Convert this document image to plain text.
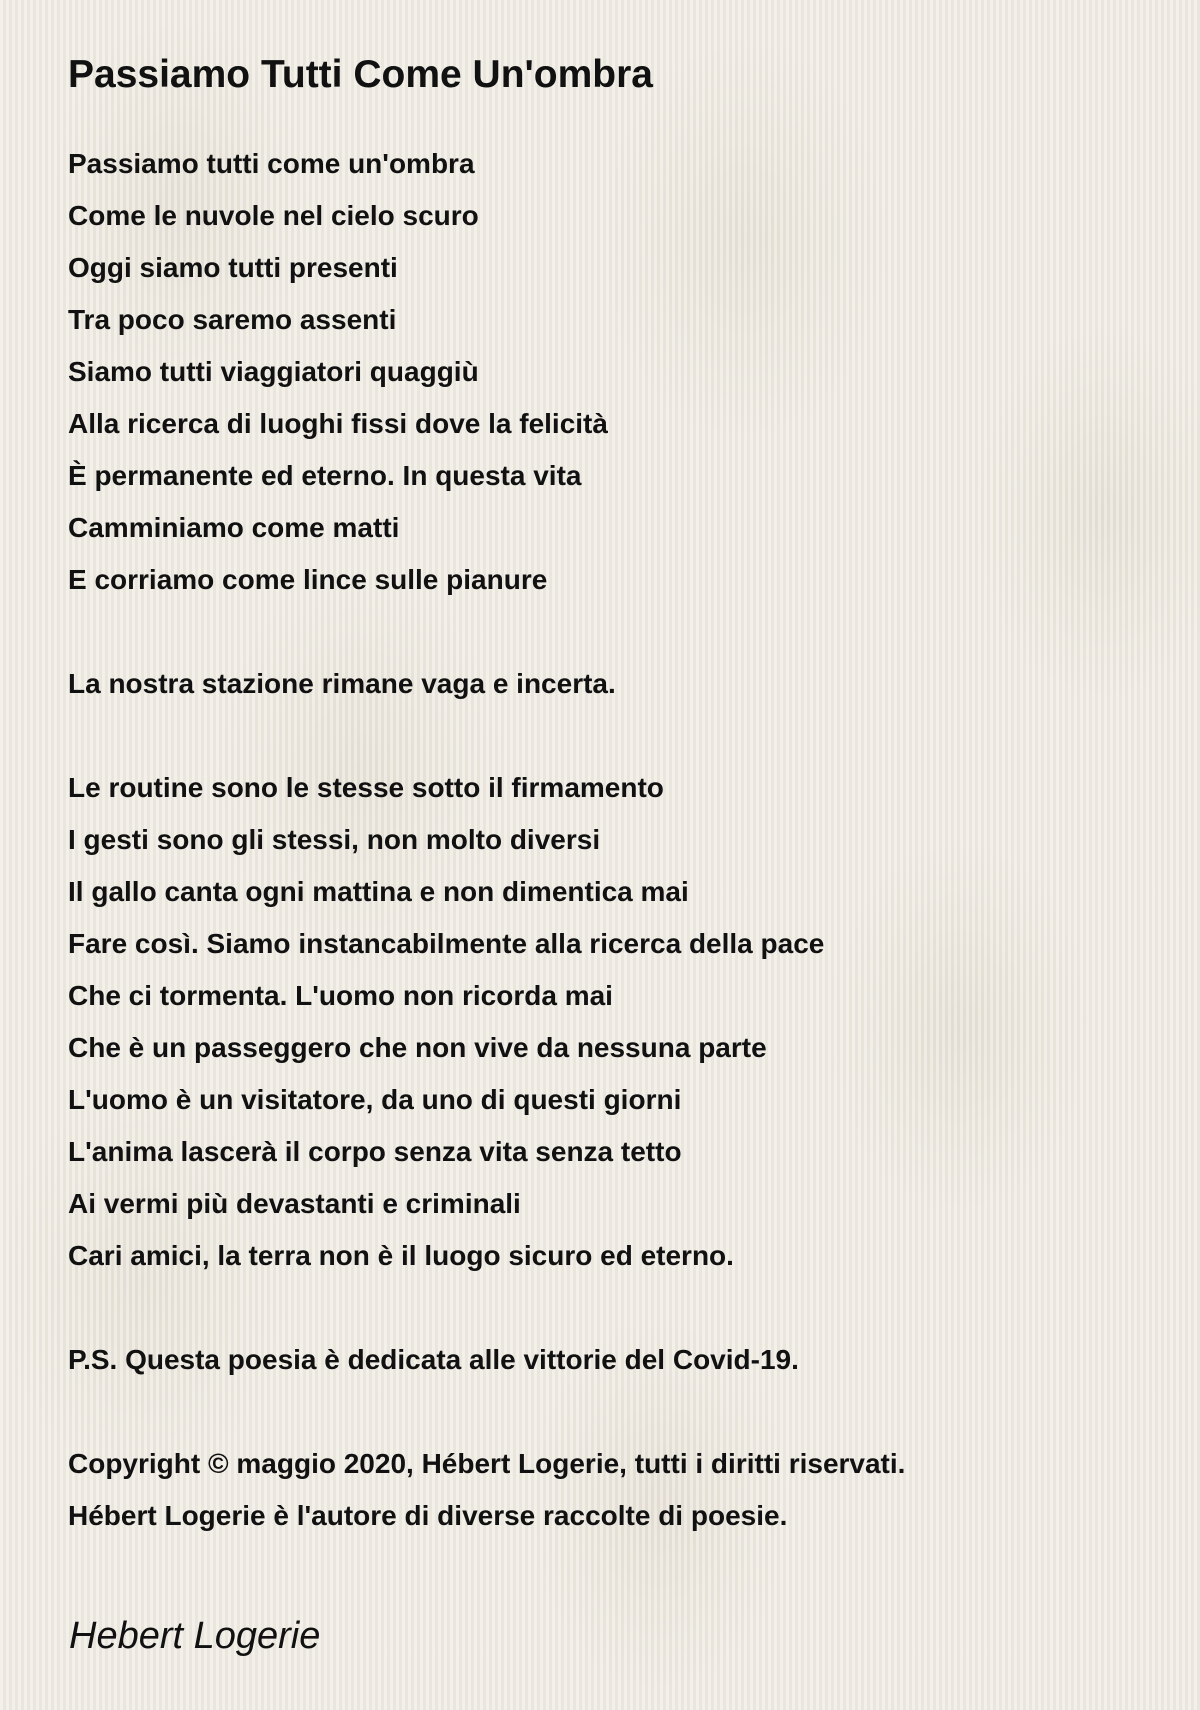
Passiamo Tutti Come Un'ombra
Passiamo tutti come un'ombra
Come le nuvole nel cielo scuro
Oggi siamo tutti presenti
Tra poco saremo assenti
Siamo tutti viaggiatori quaggiù
Alla ricerca di luoghi fissi dove la felicità
È permanente ed eterno. In questa vita
Camminiamo come matti
E corriamo come lince sulle pianure
La nostra stazione rimane vaga e incerta.
Le routine sono le stesse sotto il firmamento
I gesti sono gli stessi, non molto diversi
Il gallo canta ogni mattina e non dimentica mai
Fare così. Siamo instancabilmente alla ricerca della pace
Che ci tormenta. L'uomo non ricorda mai
Che è un passeggero che non vive da nessuna parte
L'uomo è un visitatore, da uno di questi giorni
L'anima lascerà il corpo senza vita senza tetto
Ai vermi più devastanti e criminali
Cari amici, la terra non è il luogo sicuro ed eterno.
P.S. Questa poesia è dedicata alle vittorie del Covid-19.
Copyright © maggio 2020, Hébert Logerie, tutti i diritti riservati.
Hébert Logerie è l'autore di diverse raccolte di poesie.
Hebert Logerie
